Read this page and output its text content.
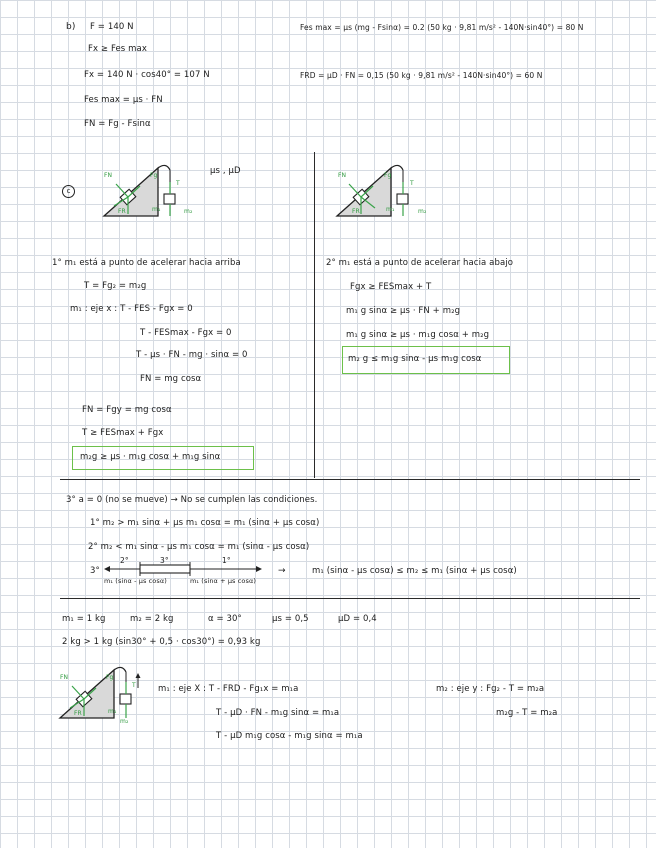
b) F = 140 N
Fx ≥ Fes max
Fx = 140 N · cos40° = 107 N
Fes max = μs · FN
FN = Fg - Fsinα
Fes max = μs (mg - Fsinα) = 0.2 (50 kg · 9,81 m/s² - 140N·sin40°) = 80 N
FRD = μD · FN = 0,15 (50 kg · 9,81 m/s² - 140N·sin40°) = 60 N
c
μs , μD
1° m₁ está a punto de acelerar hacia arriba
T = Fg₂ = m₂g
m₁ : eje x : T - FES - Fgx = 0
T - FESmax - Fgx = 0
T - μs · FN - mg · sinα = 0
FN = mg cosα
FN = Fgy = mg cosα
T ≥ FESmax + Fgx
m₂g ≥ μs · m₁g cosα + m₁g sinα
2° m₁ está a punto de acelerar hacia abajo
Fgx ≥ FESmax + T
m₁ g sinα ≥ μs · FN + m₂g
m₁ g sinα ≥ μs · m₁g cosα + m₂g
m₂ g ≤ m₁g sinα - μs m₁g cosα
3° a = 0 (no se mueve) → No se cumplen las condiciones.
1° m₂ > m₁ sinα + μs m₁ cosα = m₁ (sinα + μs cosα)
2° m₂ < m₁ sinα - μs m₁ cosα = m₁ (sinα - μs cosα)
3°
2°	3°	1°
m₁ (sinα - μs cosα)	m₁ (sinα + μs cosα)
→	m₁ (sinα - μs cosα) ≤ m₂ ≤ m₁ (sinα + μs cosα)
m₁ = 1 kg	m₂ = 2 kg	α = 30°	μs = 0,5	μD = 0,4
2 kg > 1 kg (sin30° + 0,5 · cos30°) = 0,93 kg
m₁ : eje X : T - FRD - Fg₁x = m₁a
T - μD · FN - m₁g sinα = m₁a
T - μD m₁g cosα - m₁g sinα = m₁a
m₂ : eje y : Fg₂ - T = m₂a
m₂g - T = m₂a
FN	Fg
T
FR	m₁	m₂
FN	Fg
T
FR	m₁	m₂
FN	Fg
T
FR	m₁
m₂
